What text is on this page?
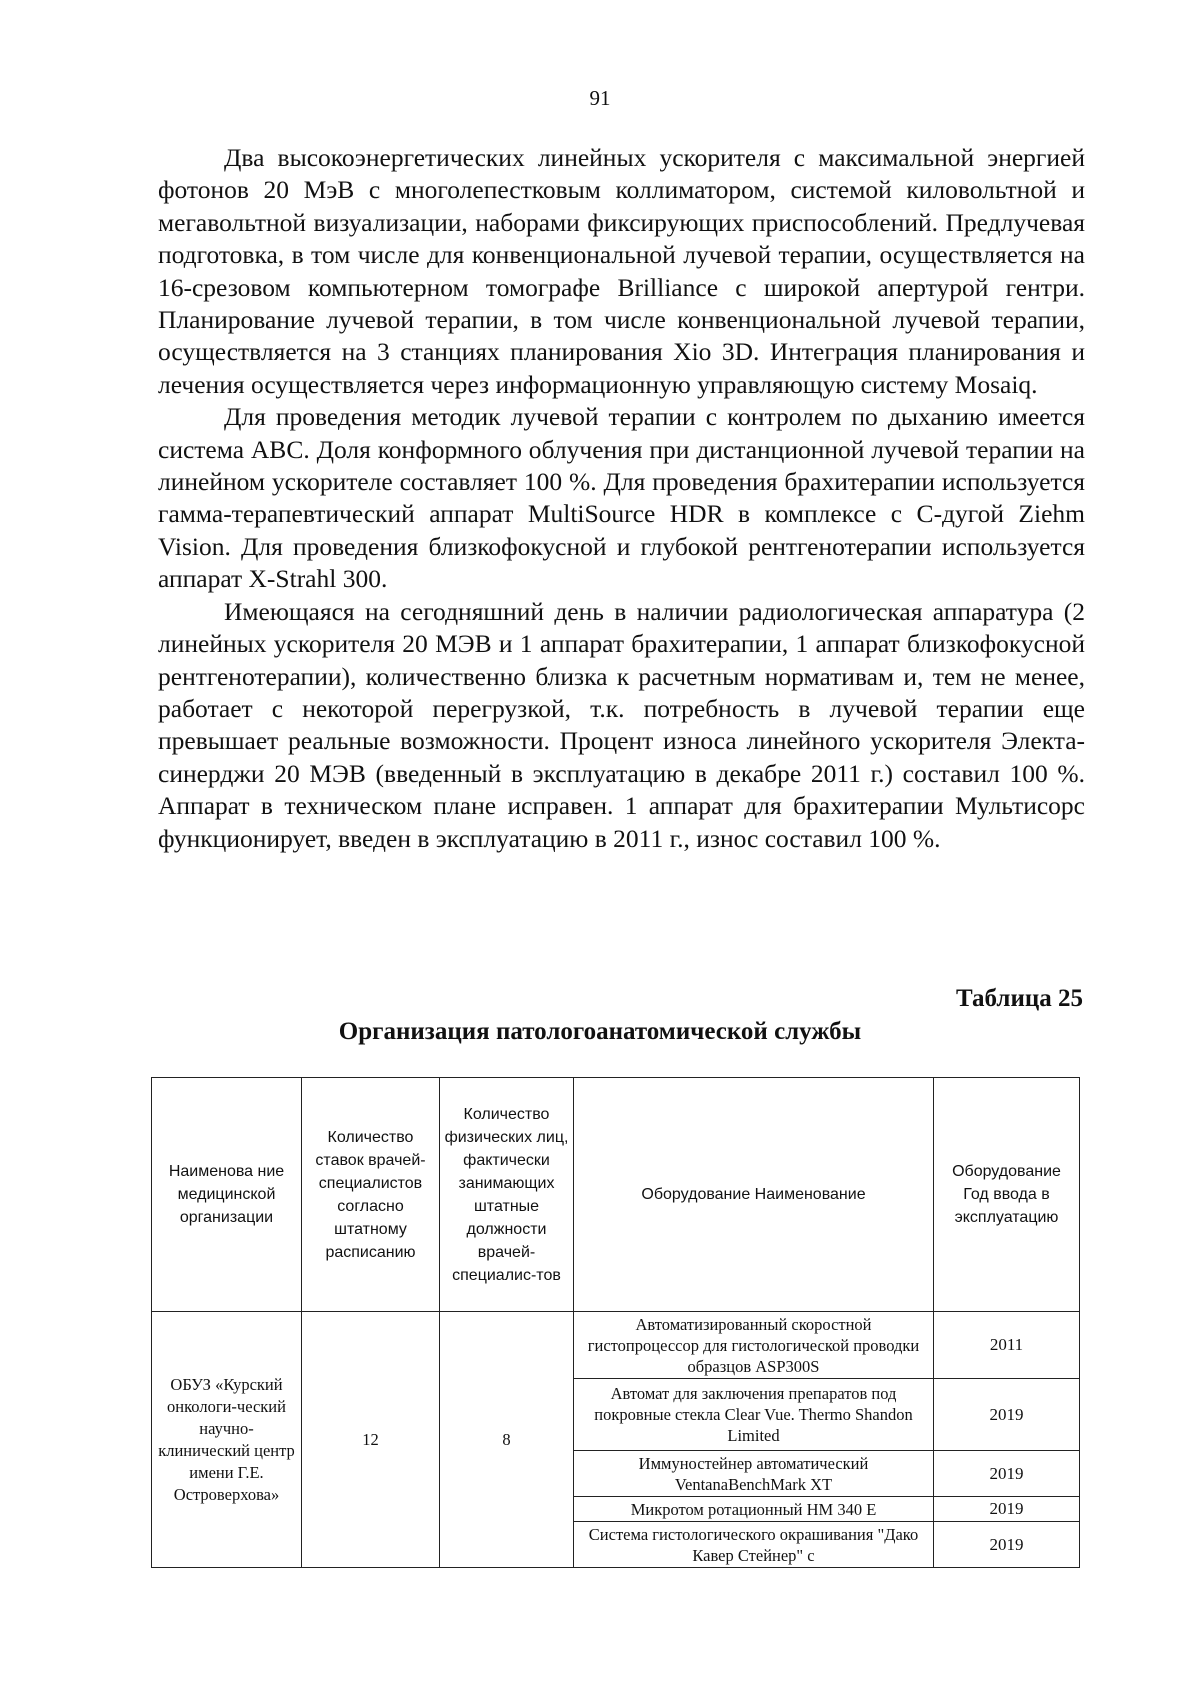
91

Два высокоэнергетических линейных ускорителя с максимальной энергией фотонов 20 МэВ с многолепестковым коллиматором, системой киловольтной и мегавольтной визуализации, наборами фиксирующих приспособлений. Предлучевая подготовка, в том числе для конвенциональной лучевой терапии, осуществляется на 16-срезовом компьютерном томографе Brilliance с широкой апертурой гентри. Планирование лучевой терапии, в том числе конвенциональной лучевой терапии, осуществляется на 3 станциях планирования Xio 3D. Интеграция планирования и лечения осуществляется через информационную управляющую систему Mosaiq.

Для проведения методик лучевой терапии с контролем по дыханию имеется система ABC. Доля конформного облучения при дистанционной лучевой терапии на линейном ускорителе составляет 100 %. Для проведения брахитерапии используется гамма-терапевтический аппарат MultiSource HDR в комплексе с С-дугой Ziehm Vision. Для проведения близкофокусной и глубокой рентгенотерапии используется аппарат X-Strahl 300.

Имеющаяся на сегодняшний день в наличии радиологическая аппаратура (2 линейных ускорителя 20 МЭВ и 1 аппарат брахитерапии, 1 аппарат близкофокусной рентгенотерапии), количественно близка к расчетным нормативам и, тем не менее, работает с некоторой перегрузкой, т.к. потребность в лучевой терапии еще превышает реальные возможности. Процент износа линейного ускорителя Электа-синерджи 20 МЭВ (введенный в эксплуатацию в декабре 2011 г.) составил 100 %. Аппарат в техническом плане исправен. 1 аппарат для брахитерапии Мультисорс функционирует, введен в эксплуатацию в 2011 г., износ составил 100 %.

Таблица 25
Организация патологоанатомической службы
Наименова ние медицинской организации	Количество ставок врачей-специалистов согласно штатному расписанию	Количество физических лиц, фактически занимающих штатные должности врачей-специалис-тов	Оборудование Наименование	Оборудование Год ввода в эксплуатацию
ОБУЗ «Курский онкологи-ческий научно-клинический центр имени Г.Е. Островерхова»	12	8	Автоматизированный скоростной гистопроцессор для гистологической проводки образцов ASP300S	2011
			Автомат для заключения препаратов под покровные стекла Clear Vue. Thermo Shandon Limited	2019
			Иммуностейнер автоматический VentanaBenchMark XT	2019
			Микротом ротационный HM 340 E	2019
			Система гистологического окрашивания "Дако Кавер Стейнер" с	2019
